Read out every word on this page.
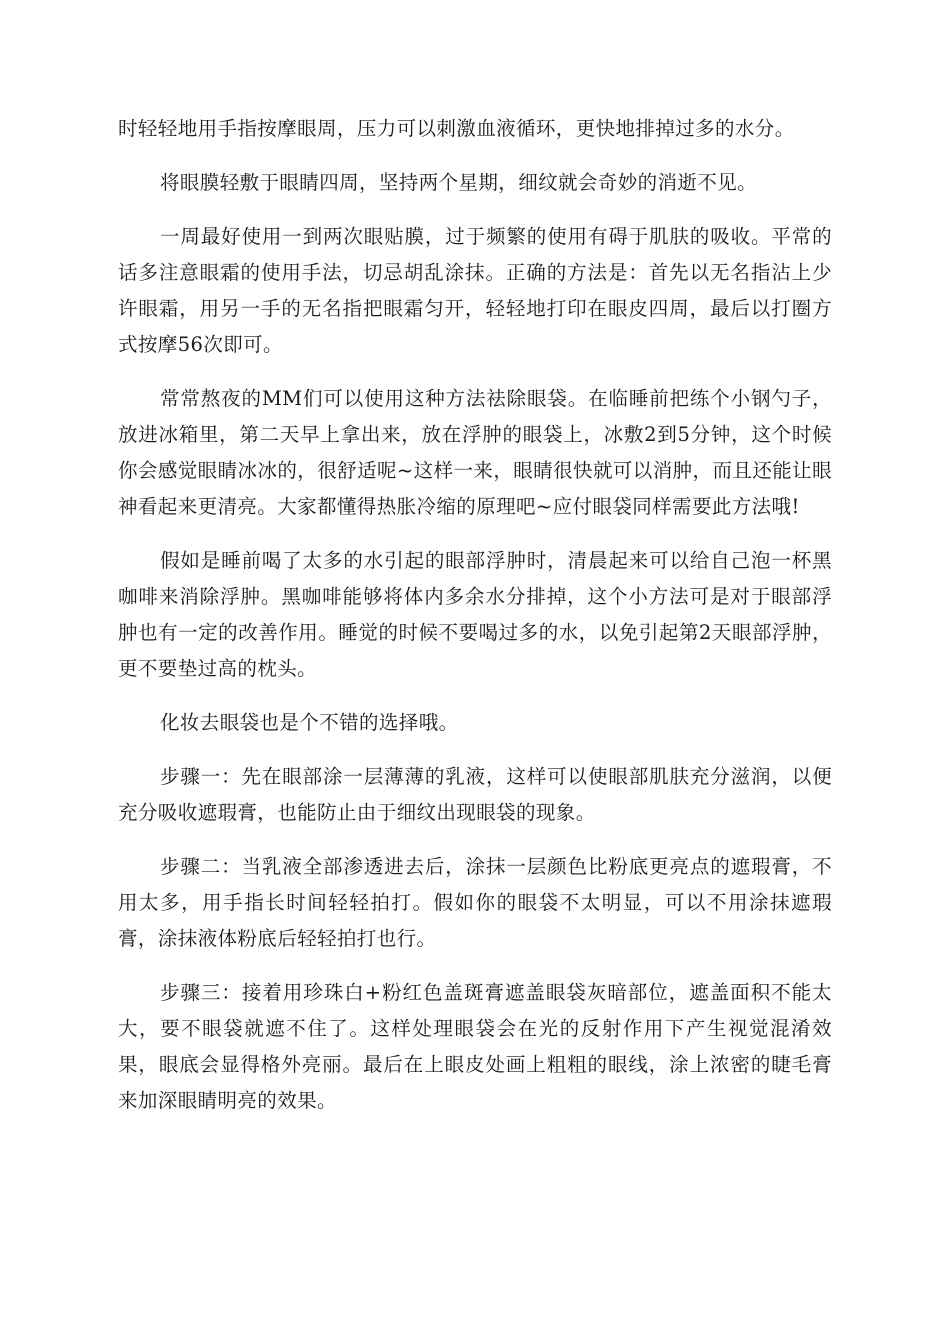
时轻轻地用手指按摩眼周，压力可以刺激血液循环，更快地排掉过多的水分。

将眼膜轻敷于眼睛四周，坚持两个星期，细纹就会奇妙的消逝不见。

一周最好使用一到两次眼贴膜，过于频繁的使用有碍于肌肤的吸收。平常的话多注意眼霜的使用手法，切忌胡乱涂抹。正确的方法是：首先以无名指沾上少许眼霜，用另一手的无名指把眼霜匀开，轻轻地打印在眼皮四周，最后以打圈方式按摩56次即可。

常常熬夜的MM们可以使用这种方法祛除眼袋。在临睡前把练个小钢勺子，放进冰箱里，第二天早上拿出来，放在浮肿的眼袋上，冰敷2到5分钟，这个时候你会感觉眼睛冰冰的，很舒适呢~这样一来，眼睛很快就可以消肿，而且还能让眼神看起来更清亮。大家都懂得热胀冷缩的原理吧~应付眼袋同样需要此方法哦!

假如是睡前喝了太多的水引起的眼部浮肿时，清晨起来可以给自己泡一杯黑咖啡来消除浮肿。黑咖啡能够将体内多余水分排掉，这个小方法可是对于眼部浮肿也有一定的改善作用。睡觉的时候不要喝过多的水，以免引起第2天眼部浮肿，更不要垫过高的枕头。

化妆去眼袋也是个不错的选择哦。

步骤一：先在眼部涂一层薄薄的乳液，这样可以使眼部肌肤充分滋润，以便充分吸收遮瑕膏，也能防止由于细纹出现眼袋的现象。

步骤二：当乳液全部渗透进去后，涂抹一层颜色比粉底更亮点的遮瑕膏，不用太多，用手指长时间轻轻拍打。假如你的眼袋不太明显，可以不用涂抹遮瑕膏，涂抹液体粉底后轻轻拍打也行。

步骤三：接着用珍珠白+粉红色盖斑膏遮盖眼袋灰暗部位，遮盖面积不能太大，要不眼袋就遮不住了。这样处理眼袋会在光的反射作用下产生视觉混淆效果，眼底会显得格外亮丽。最后在上眼皮处画上粗粗的眼线，涂上浓密的睫毛膏来加深眼睛明亮的效果。
